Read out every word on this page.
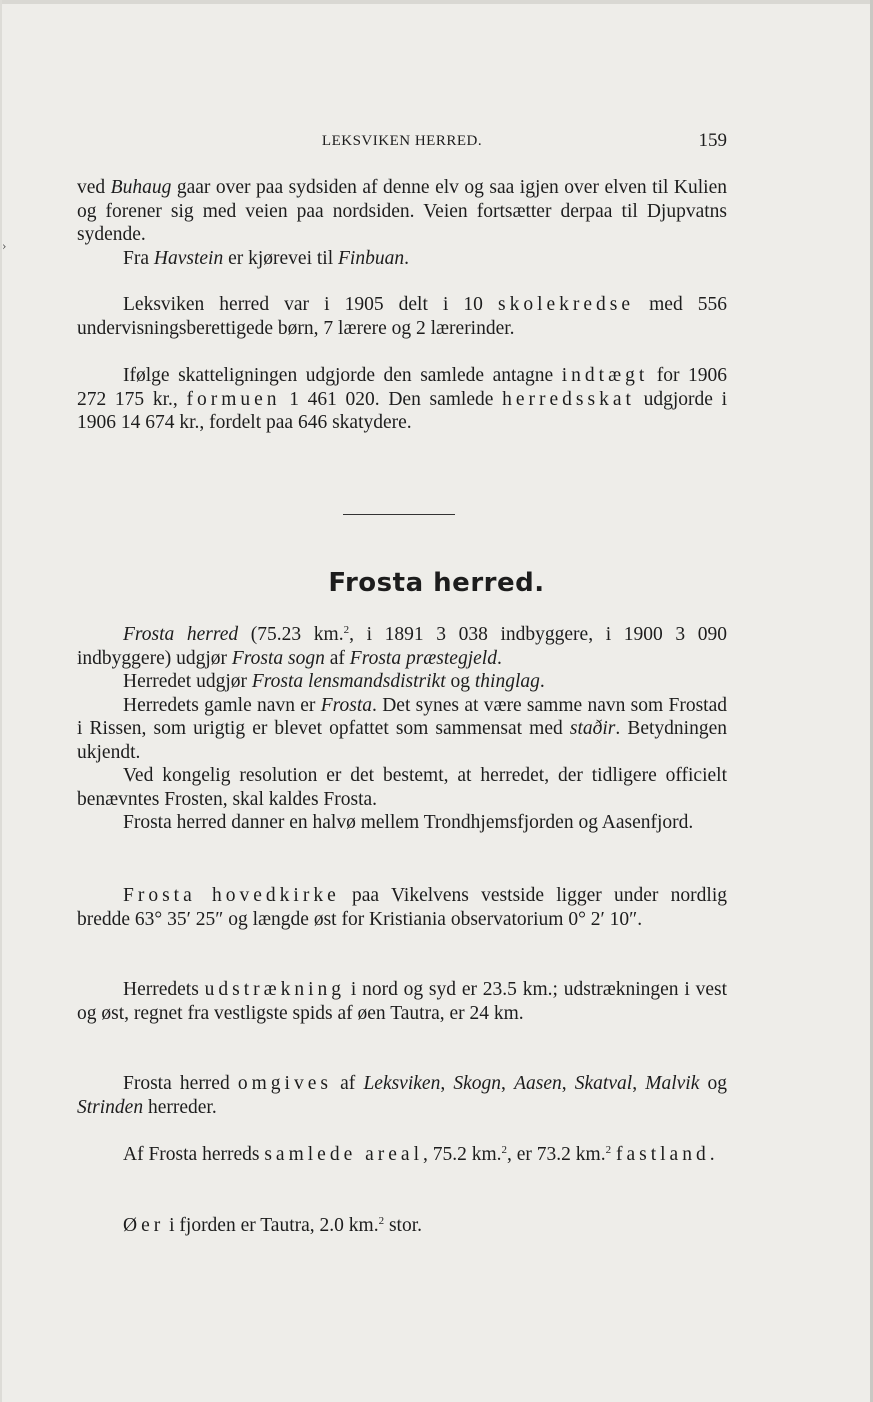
›
LEKSVIKEN HERRED.	159

ved Buhaug gaar over paa sydsiden af denne elv og saa igjen over elven til Kulien og forener sig med veien paa nordsiden. Veien fortsætter derpaa til Djupvatns sydende.

Fra Havstein er kjørevei til Finbuan.

Leksviken herred var i 1905 delt i 10 skolekredse med 556 undervisningsberettigede børn, 7 lærere og 2 lærerinder.

Ifølge skatteligningen udgjorde den samlede antagne indtægt for 1906 272 175 kr., formuen 1 461 020. Den samlede herredsskat udgjorde i 1906 14 674 kr., fordelt paa 646 skatydere.

Frosta herred.

Frosta herred (75.23 km.$^2$, i 1891 3 038 indbyggere, i 1900 3 090 indbyggere) udgjør Frosta sogn af Frosta præstegjeld.

Herredet udgjør Frosta lensmandsdistrikt og thinglag.

Herredets gamle navn er Frosta. Det synes at være samme navn som Frostad i Rissen, som urigtig er blevet opfattet som sammensat med staðir. Betydningen ukjendt.

Ved kongelig resolution er det bestemt, at herredet, der tidligere officielt benævntes Frosten, skal kaldes Frosta.

Frosta herred danner en halvø mellem Trondhjemsfjorden og Aasenfjord.

Frosta hovedkirke paa Vikelvens vestside ligger under nordlig bredde 63° 35′ 25″ og længde øst for Kristiania observatorium 0° 2′ 10″.

Herredets udstrækning i nord og syd er 23.5 km.; udstrækningen i vest og øst, regnet fra vestligste spids af øen Tautra, er 24 km.

Frosta herred omgives af Leksviken, Skogn, Aasen, Skatval, Malvik og Strinden herreder.

Af Frosta herreds samlede areal, 75.2 km.$^2$, er 73.2 km.$^2$ fastland.

Øer i fjorden er Tautra, 2.0 km.$^2$ stor.
